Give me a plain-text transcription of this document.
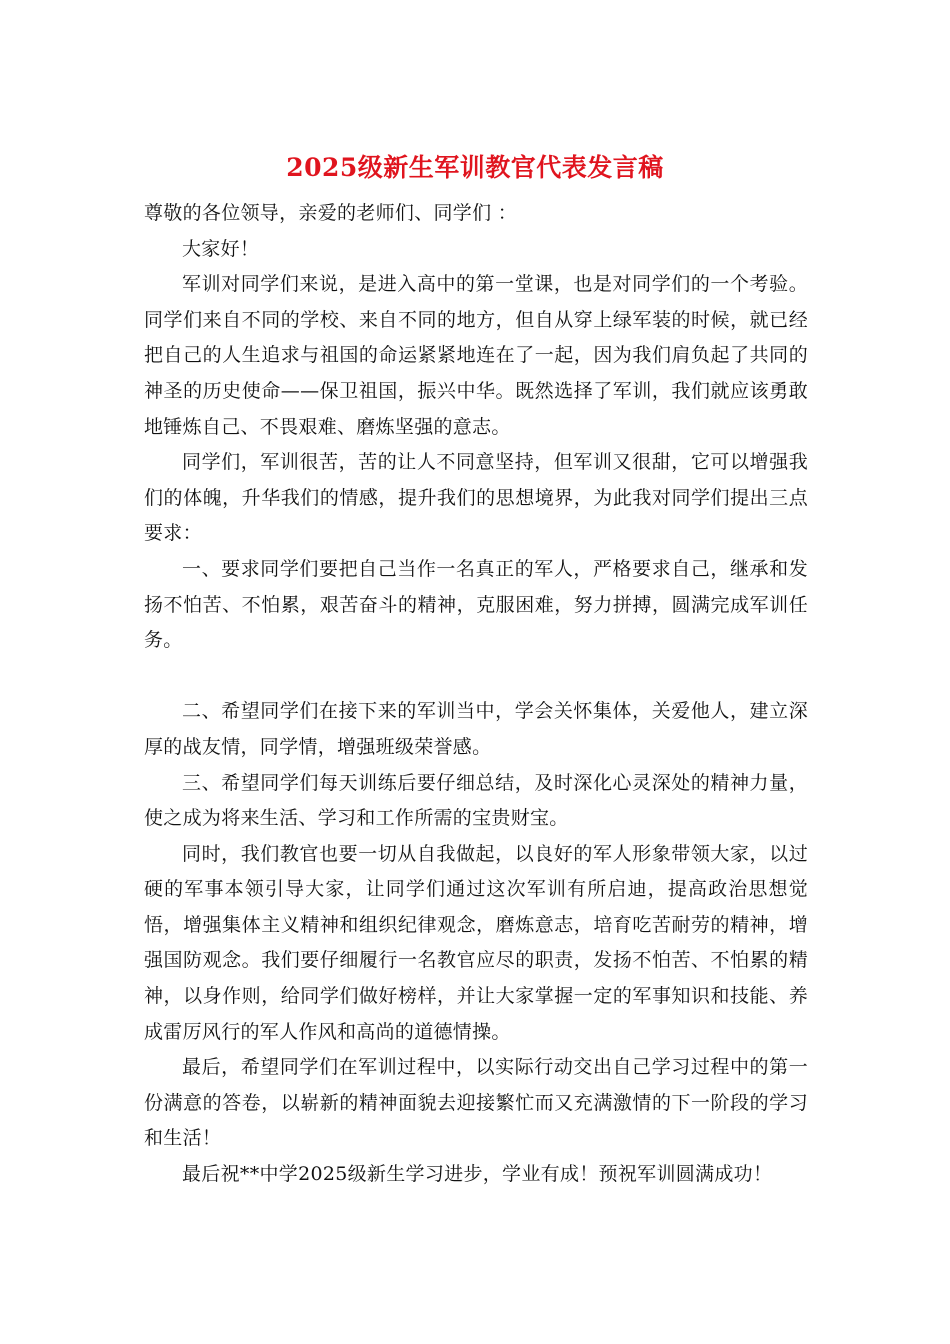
2025级新生军训教官代表发言稿

尊敬的各位领导，亲爱的老师们、同学们 ：

大家好！

军训对同学们来说，是进入高中的第一堂课，也是对同学们的一个考验。同学们来自不同的学校、来自不同的地方，但自从穿上绿军装的时候，就已经把自己的人生追求与祖国的命运紧紧地连在了一起，因为我们肩负起了共同的神圣的历史使命——保卫祖国，振兴中华。既然选择了军训，我们就应该勇敢地锤炼自己、不畏艰难、磨炼坚强的意志。

同学们，军训很苦，苦的让人不同意坚持，但军训又很甜，它可以增强我们的体魄，升华我们的情感，提升我们的思想境界，为此我对同学们提出三点要求：

一、要求同学们要把自己当作一名真正的军人，严格要求自己，继承和发扬不怕苦、不怕累，艰苦奋斗的精神，克服困难，努力拼搏，圆满完成军训任务。

二、希望同学们在接下来的军训当中，学会关怀集体，关爱他人，建立深厚的战友情，同学情，增强班级荣誉感。

三、希望同学们每天训练后要仔细总结，及时深化心灵深处的精神力量，使之成为将来生活、学习和工作所需的宝贵财宝。

同时，我们教官也要一切从自我做起，以良好的军人形象带领大家，以过硬的军事本领引导大家，让同学们通过这次军训有所启迪，提高政治思想觉悟，增强集体主义精神和组织纪律观念，磨炼意志，培育吃苦耐劳的精神，增强国防观念。我们要仔细履行一名教官应尽的职责，发扬不怕苦、不怕累的精神，以身作则，给同学们做好榜样，并让大家掌握一定的军事知识和技能、养成雷厉风行的军人作风和高尚的道德情操。

最后，希望同学们在军训过程中，以实际行动交出自己学习过程中的第一份满意的答卷，以崭新的精神面貌去迎接繁忙而又充满激情的下一阶段的学习和生活！

最后祝**中学2025级新生学习进步，学业有成！预祝军训圆满成功！
